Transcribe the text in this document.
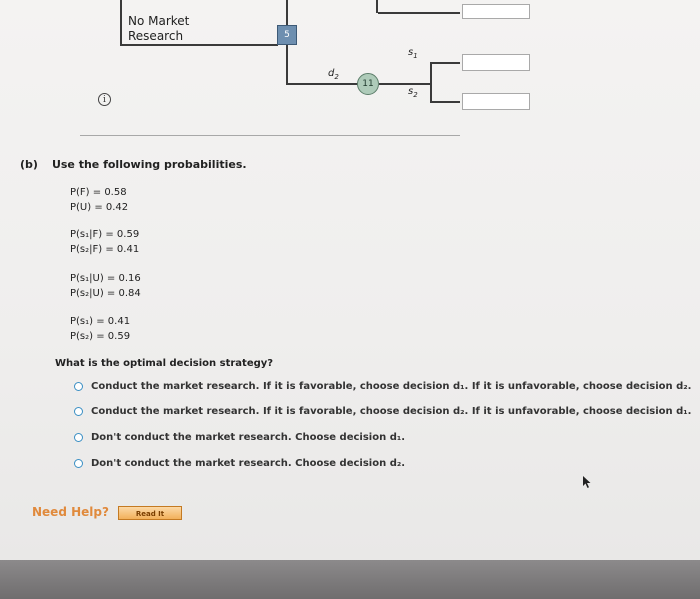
No Market
Research	5
$d_2$
11
$s_1$
$s_2$
i
(b) Use the following probabilities.
P(F) = 0.58
P(U) = 0.42
P(s₁|F) = 0.59
P(s₂|F) = 0.41
P(s₁|U) = 0.16
P(s₂|U) = 0.84
P(s₁) = 0.41
P(s₂) = 0.59
What is the optimal decision strategy?
Conduct the market research. If it is favorable, choose decision d₁. If it is unfavorable, choose decision d₂.
Conduct the market research. If it is favorable, choose decision d₂. If it is unfavorable, choose decision d₁.
Don't conduct the market research. Choose decision d₁.
Don't conduct the market research. Choose decision d₂.
Need Help?	Read It
